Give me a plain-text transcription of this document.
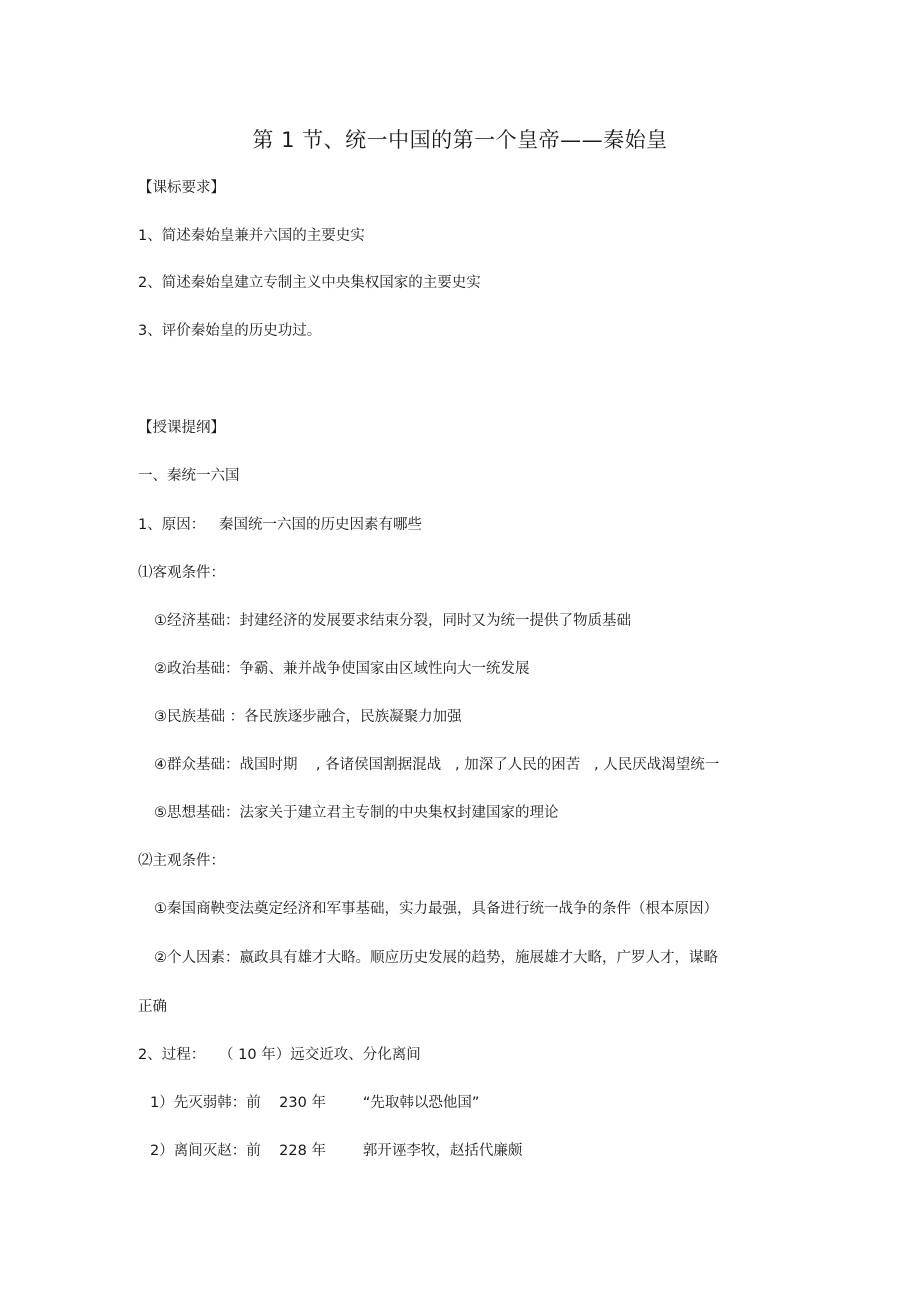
第 1 节、统一中国的第一个皇帝——秦始皇
【课标要求】
1、简述秦始皇兼并六国的主要史实
2、简述秦始皇建立专制主义中央集权国家的主要史实
3、评价秦始皇的历史功过。
【授课提纲】
一、秦统一六国
1、原因：   秦国统一六国的历史因素有哪些
⑴客观条件：
①经济基础：封建经济的发展要求结束分裂，同时又为统一提供了物质基础
②政治基础：争霸、兼并战争使国家由区域性向大一统发展
③民族基础 ：各民族逐步融合，民族凝聚力加强
④群众基础：战国时期    , 各诸侯国割据混战   , 加深了人民的困苦   , 人民厌战渴望统一
⑤思想基础：法家关于建立君主专制的中央集权封建国家的理论
⑵主观条件：
①秦国商鞅变法奠定经济和军事基础，实力最强，具备进行统一战争的条件（根本原因）
②个人因素：嬴政具有雄才大略。顺应历史发展的趋势，施展雄才大略，广罗人才，谋略
正确
2、过程：   （ 10 年）远交近攻、分化离间
1）先灭弱韩：前    230 年        “先取韩以恐他国”
2）离间灭赵：前    228 年        郭开诬李牧，赵括代廉颇
